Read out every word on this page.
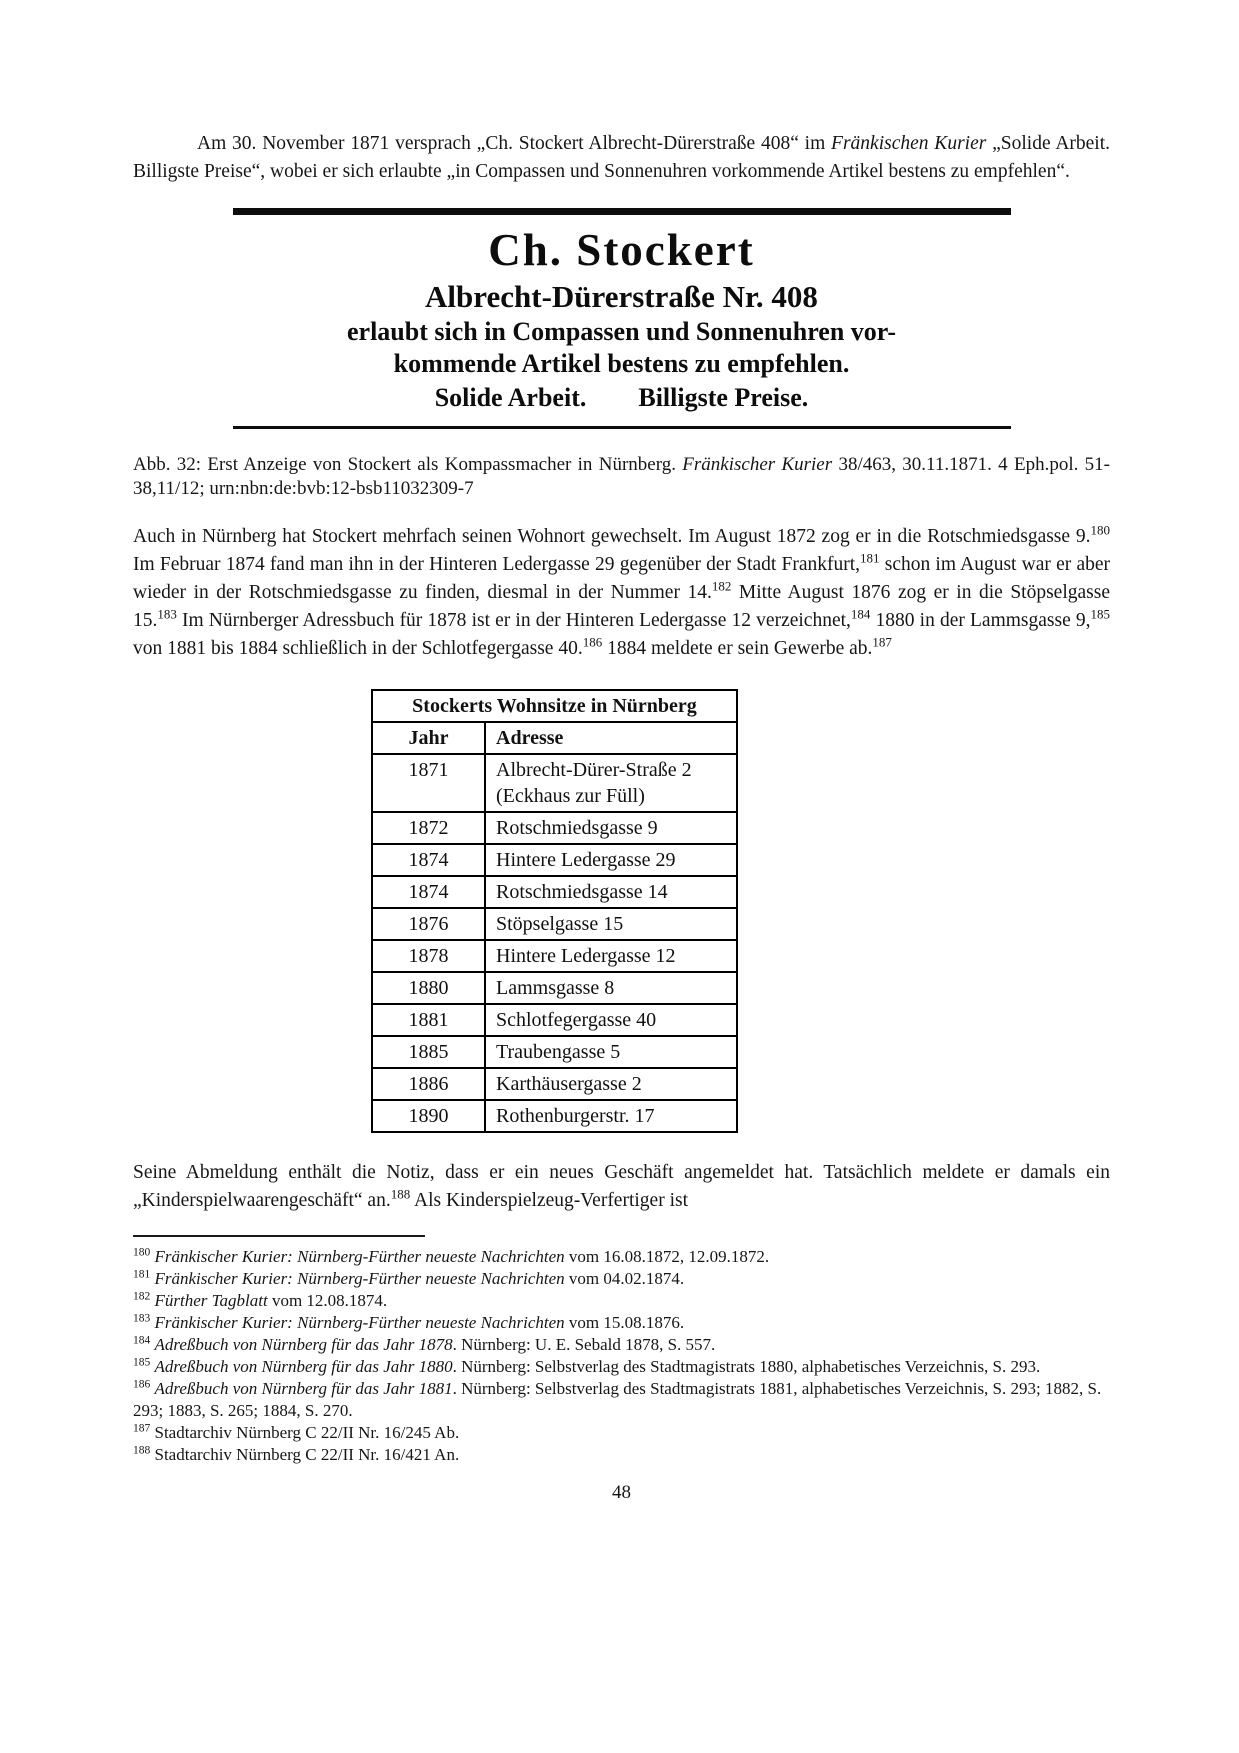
Am 30. November 1871 versprach „Ch. Stockert Albrecht-Dürerstraße 408“ im Fränkischen Kurier „Solide Arbeit. Billigste Preise“, wobei er sich erlaubte „in Compassen und Sonnenuhren vorkommende Artikel bestens zu empfehlen“.

Ch. Stockert
Albrecht-Dürerstraße Nr. 408
erlaubt sich in Compassen und Sonnenuhren vor-
kommende Artikel bestens zu empfehlen.
Solide Arbeit. Billigste Preise.

Abb. 32: Erst Anzeige von Stockert als Kompassmacher in Nürnberg. Fränkischer Kurier 38/463, 30.11.1871. 4 Eph.pol. 51-38,11/12; urn:nbn:de:bvb:12-bsb11032309-7

Auch in Nürnberg hat Stockert mehrfach seinen Wohnort gewechselt. Im August 1872 zog er in die Rotschmiedsgasse 9.$^{180}$ Im Februar 1874 fand man ihn in der Hinteren Ledergasse 29 gegenüber der Stadt Frankfurt,$^{181}$ schon im August war er aber wieder in der Rotschmiedsgasse zu finden, diesmal in der Nummer 14.$^{182}$ Mitte August 1876 zog er in die Stöpselgasse 15.$^{183}$ Im Nürnberger Adressbuch für 1878 ist er in der Hinteren Ledergasse 12 verzeichnet,$^{184}$ 1880 in der Lammsgasse 9,$^{185}$ von 1881 bis 1884 schließlich in der Schlotfegergasse 40.$^{186}$ 1884 meldete er sein Gewerbe ab.$^{187}$

Stockerts Wohnsitze in Nürnberg	
Jahr	Adresse
1871	Albrecht-Dürer-Straße 2 (Eckhaus zur Füll)
1872	Rotschmiedsgasse 9
1874	Hintere Ledergasse 29
1874	Rotschmiedsgasse 14
1876	Stöpselgasse 15
1878	Hintere Ledergasse 12
1880	Lammsgasse 8
1881	Schlotfegergasse 40
1885	Traubengasse 5
1886	Karthäusergasse 2
1890	Rothenburgerstr. 17

Seine Abmeldung enthält die Notiz, dass er ein neues Geschäft angemeldet hat. Tatsächlich meldete er damals ein „Kinderspielwaarengeschäft“ an.$^{188}$ Als Kinderspielzeug-Verfertiger ist

$^{180}$ Fränkischer Kurier: Nürnberg-Fürther neueste Nachrichten vom 16.08.1872, 12.09.1872.

$^{181}$ Fränkischer Kurier: Nürnberg-Fürther neueste Nachrichten vom 04.02.1874.

$^{182}$ Fürther Tagblatt vom 12.08.1874.

$^{183}$ Fränkischer Kurier: Nürnberg-Fürther neueste Nachrichten vom 15.08.1876.

$^{184}$ Adreßbuch von Nürnberg für das Jahr 1878. Nürnberg: U. E. Sebald 1878, S. 557.

$^{185}$ Adreßbuch von Nürnberg für das Jahr 1880. Nürnberg: Selbstverlag des Stadtmagistrats 1880, alphabetisches Verzeichnis, S. 293.

$^{186}$ Adreßbuch von Nürnberg für das Jahr 1881. Nürnberg: Selbstverlag des Stadtmagistrats 1881, alphabetisches Verzeichnis, S. 293; 1882, S. 293; 1883, S. 265; 1884, S. 270.

$^{187}$ Stadtarchiv Nürnberg C 22/II Nr. 16/245 Ab.

$^{188}$ Stadtarchiv Nürnberg C 22/II Nr. 16/421 An.

48
